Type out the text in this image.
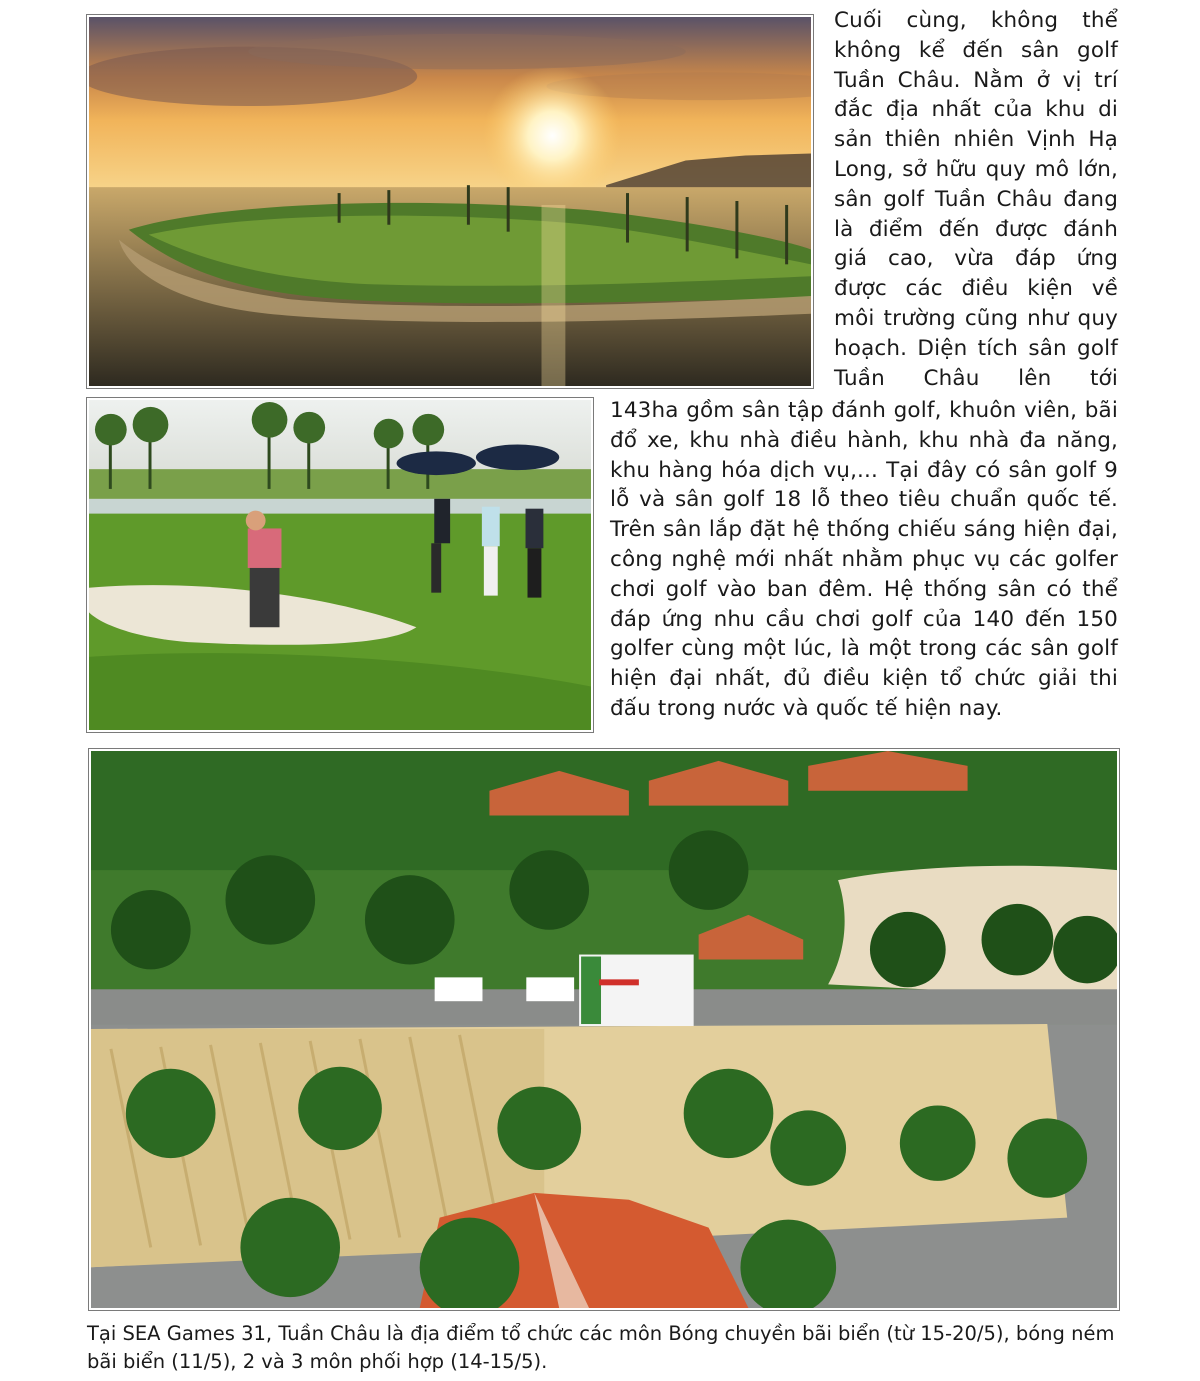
Cuối cùng, không thể không kể đến sân golf Tuần Châu. Nằm ở vị trí đắc địa nhất của khu di sản thiên nhiên Vịnh Hạ Long, sở hữu quy mô lớn, sân golf Tuần Châu đang là điểm đến được đánh giá cao, vừa đáp ứng được các điều kiện về môi trường cũng như quy hoạch. Diện tích sân golf Tuần Châu lên tới

143ha gồm sân tập đánh golf, khuôn viên, bãi đổ xe, khu nhà điều hành, khu nhà đa năng, khu hàng hóa dịch vụ,... Tại đây có sân golf 9 lỗ và sân golf 18 lỗ theo tiêu chuẩn quốc tế. Trên sân lắp đặt hệ thống chiếu sáng hiện đại, công nghệ mới nhất nhằm phục vụ các golfer chơi golf vào ban đêm. Hệ thống sân có thể đáp ứng nhu cầu chơi golf của 140 đến 150 golfer cùng một lúc, là một trong các sân golf hiện đại nhất, đủ điều kiện tổ chức giải thi đấu trong nước và quốc tế hiện nay.

Tại SEA Games 31, Tuần Châu là địa điểm tổ chức các môn Bóng chuyền bãi biển (từ 15-20/5), bóng ném bãi biển (11/5), 2 và 3 môn phối hợp (14-15/5).
